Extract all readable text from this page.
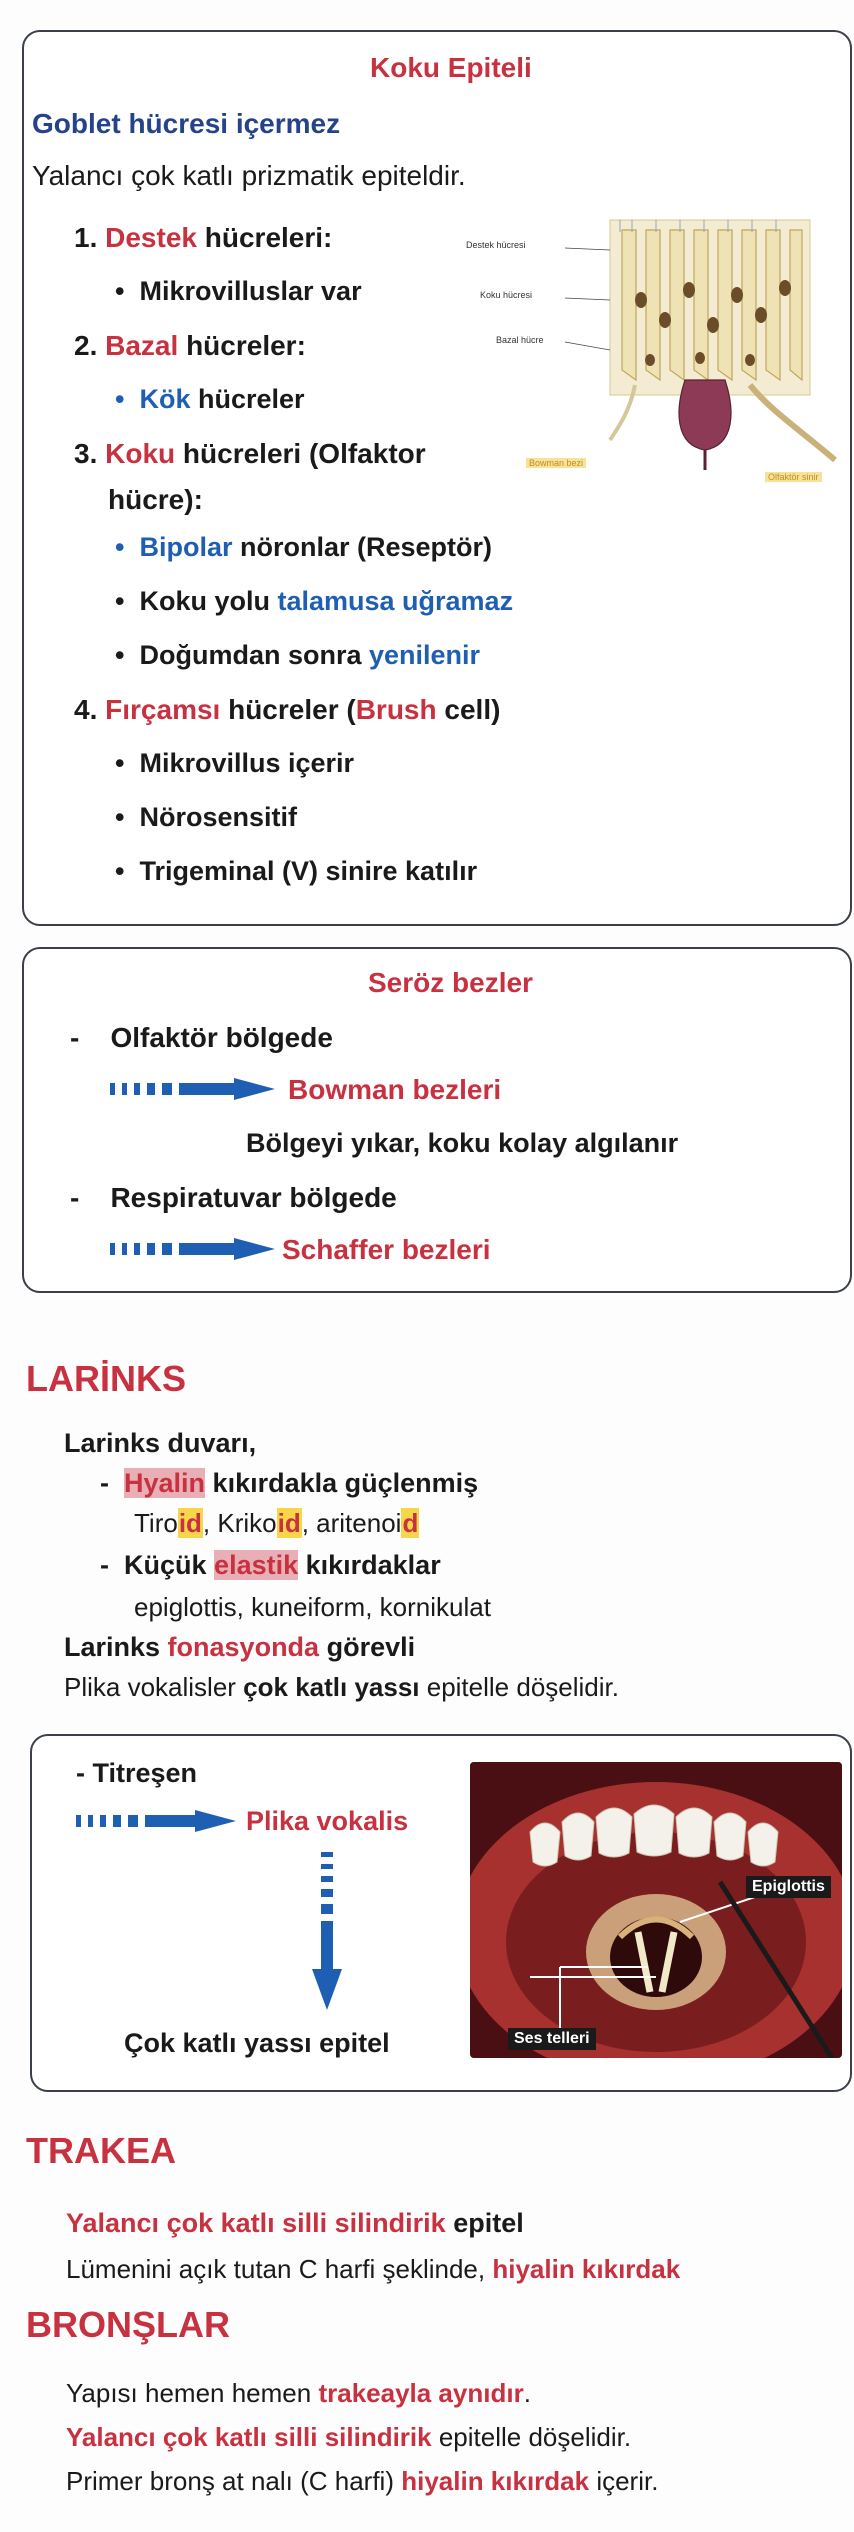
Koku Epiteli
Goblet hücresi içermez
Yalancı çok katlı prizmatik epiteldir.
1. Destek hücreleri:
•  Mikrovilluslar var
2. Bazal hücreler:
•  Kök hücreler
3. Koku hücreleri (Olfaktor
hücre):
•  Bipolar nöronlar (Reseptör)
•  Koku yolu talamusa uğramaz
•  Doğumdan sonra yenilenir
4. Fırçamsı hücreler (Brush cell)
•  Mikrovillus içerir
•  Nörosensitif
•  Trigeminal (V) sinire katılır
Destek hücresi
Koku hücresi
Bazal hücre
Bowman bezi
Olfaktör sinir
Seröz bezler
- Olfaktör bölgede
Bowman bezleri
Bölgeyi yıkar, koku kolay algılanır
- Respiratuvar bölgede
Schaffer bezleri
LARİNKS
Larinks duvarı,
- Hyalin kıkırdakla güçlenmiş
Tiroid, Krikoid, aritenoid
- Küçük elastik kıkırdaklar
epiglottis, kuneiform, kornikulat
Larinks fonasyonda görevli
Plika vokalisler çok katlı yassı epitelle döşelidir.
- Titreşen
Plika vokalis
Çok katlı yassı epitel
Epiglottis
Ses telleri
TRAKEA
Yalancı çok katlı silli silindirik epitel
Lümenini açık tutan C harfi şeklinde, hiyalin kıkırdak
BRONŞLAR
Yapısı hemen hemen trakeayla aynıdır.
Yalancı çok katlı silli silindirik epitelle döşelidir.
Primer bronş at nalı (C harfi) hiyalin kıkırdak içerir.
